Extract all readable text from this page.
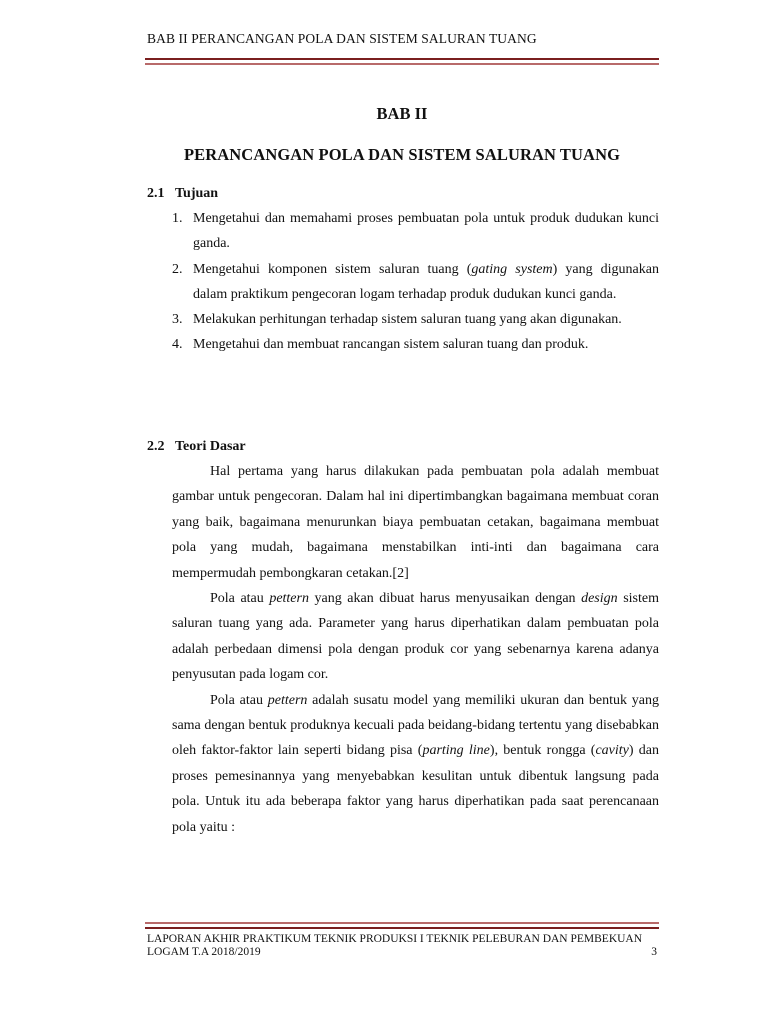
BAB II PERANCANGAN POLA DAN SISTEM SALURAN TUANG
BAB II
PERANCANGAN POLA DAN SISTEM SALURAN TUANG
2.1 Tujuan
1. Mengetahui dan memahami proses pembuatan pola untuk produk dudukan kunci ganda.
2. Mengetahui komponen sistem saluran tuang (gating system) yang digunakan dalam praktikum pengecoran logam terhadap produk dudukan kunci ganda.
3. Melakukan perhitungan terhadap sistem saluran tuang yang akan digunakan.
4. Mengetahui dan membuat rancangan sistem saluran tuang dan produk.
2.2 Teori Dasar

Hal pertama yang harus dilakukan pada pembuatan pola adalah membuat gambar untuk pengecoran. Dalam hal ini dipertimbangkan bagaimana membuat coran yang baik, bagaimana menurunkan biaya pembuatan cetakan, bagaimana membuat pola yang mudah, bagaimana menstabilkan inti-inti dan bagaimana cara mempermudah pembongkaran cetakan.[2]

Pola atau pettern yang akan dibuat harus menyusaikan dengan design sistem saluran tuang yang ada. Parameter yang harus diperhatikan dalam pembuatan pola adalah perbedaan dimensi pola dengan produk cor yang sebenarnya karena adanya penyusutan pada logam cor.

Pola atau pettern adalah susatu model yang memiliki ukuran dan bentuk yang sama dengan bentuk produknya kecuali pada beidang-bidang tertentu yang disebabkan oleh faktor-faktor lain seperti bidang pisa (parting line), bentuk rongga (cavity) dan proses pemesinannya yang menyebabkan kesulitan untuk dibentuk langsung pada pola. Untuk itu ada beberapa faktor yang harus diperhatikan pada saat perencanaan pola yaitu :

LAPORAN AKHIR PRAKTIKUM TEKNIK PRODUKSI I TEKNIK PELEBURAN DAN PEMBEKUAN
LOGAM T.A 2018/2019	3
